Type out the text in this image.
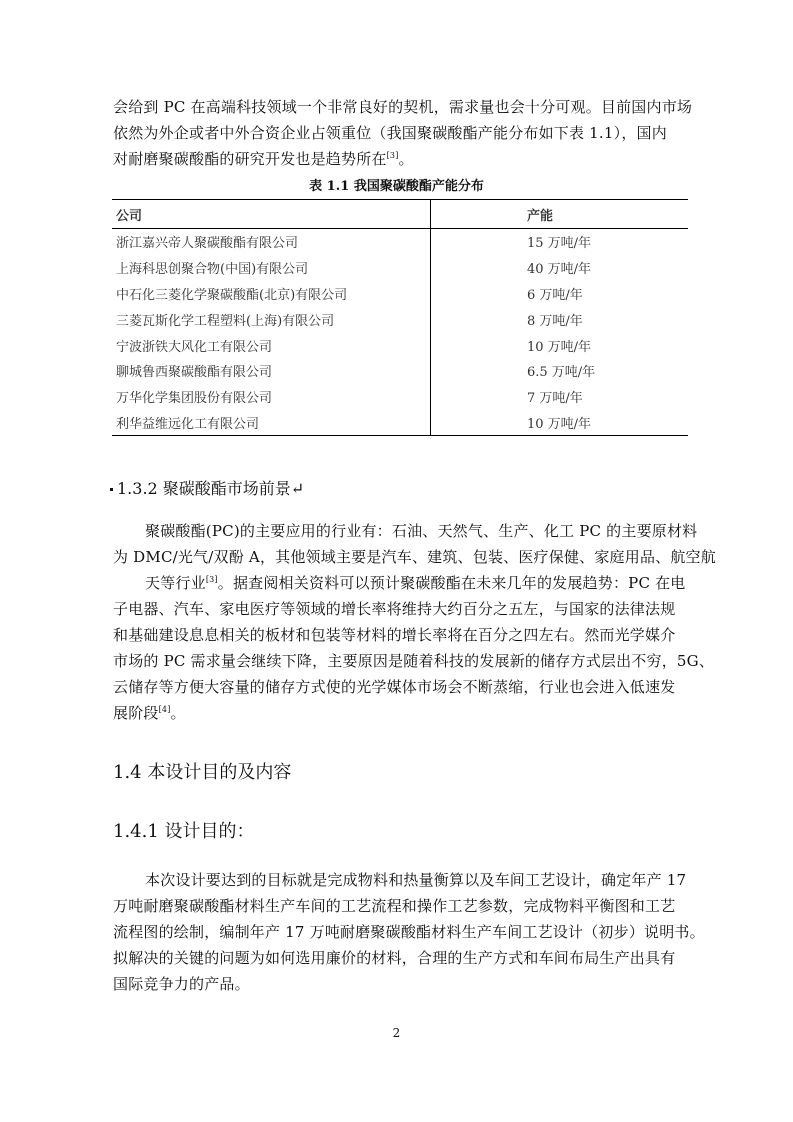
会给到 PC 在高端科技领域一个非常良好的契机，需求量也会十分可观。目前国内市场
依然为外企或者中外合资企业占领重位（我国聚碳酸酯产能分布如下表 1.1），国内
对耐磨聚碳酸酯的研究开发也是趋势所在[3]。
表 1.1 我国聚碳酸酯产能分布
公司	产能
浙江嘉兴帝人聚碳酸酯有限公司	15 万吨/年
上海科思创聚合物(中国)有限公司	40 万吨/年
中石化三菱化学聚碳酸酯(北京)有限公司	6 万吨/年
三菱瓦斯化学工程塑料(上海)有限公司	8 万吨/年
宁波浙铁大风化工有限公司	10 万吨/年
聊城鲁西聚碳酸酯有限公司	6.5 万吨/年
万华化学集团股份有限公司	7 万吨/年
利华益维远化工有限公司	10 万吨/年
1.3.2 聚碳酸酯市场前景↵
聚碳酸酯(PC)的主要应用的行业有：石油、天然气、生产、化工 PC 的主要原材料
为 DMC/光气/双酚 A，其他领域主要是汽车、建筑、包装、医疗保健、家庭用品、航空航
天等行业[3]。据查阅相关资料可以预计聚碳酸酯在未来几年的发展趋势：PC 在电
子电器、汽车、家电医疗等领域的增长率将维持大约百分之五左，与国家的法律法规
和基础建设息息相关的板材和包装等材料的增长率将在百分之四左右。然而光学媒介
市场的 PC 需求量会继续下降，主要原因是随着科技的发展新的储存方式层出不穷，5G、
云储存等方便大容量的储存方式使的光学媒体市场会不断蒸缩，行业也会进入低速发
展阶段[4]。
1.4 本设计目的及内容
1.4.1 设计目的：
本次设计要达到的目标就是完成物料和热量衡算以及车间工艺设计，确定年产 17
万吨耐磨聚碳酸酯材料生产车间的工艺流程和操作工艺参数，完成物料平衡图和工艺
流程图的绘制，编制年产 17 万吨耐磨聚碳酸酯材料生产车间工艺设计（初步）说明书。
拟解决的关键的问题为如何选用廉价的材料，合理的生产方式和车间布局生产出具有
国际竞争力的产品。
2
